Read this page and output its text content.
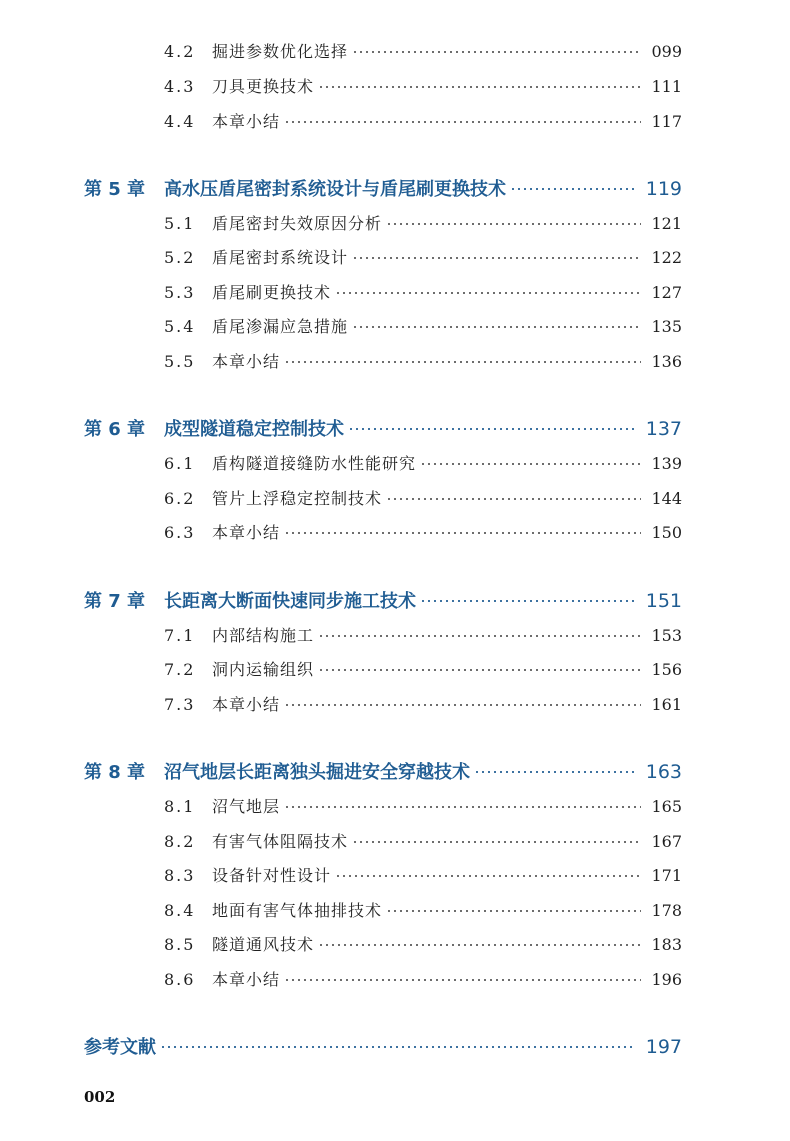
4.2	掘进参数优化选择	099
4.3	刀具更换技术	111
4.4	本章小结	117
第 5 章	高水压盾尾密封系统设计与盾尾刷更换技术	119
5.1	盾尾密封失效原因分析	121
5.2	盾尾密封系统设计	122
5.3	盾尾刷更换技术	127
5.4	盾尾渗漏应急措施	135
5.5	本章小结	136
第 6 章	成型隧道稳定控制技术	137
6.1	盾构隧道接缝防水性能研究	139
6.2	管片上浮稳定控制技术	144
6.3	本章小结	150
第 7 章	长距离大断面快速同步施工技术	151
7.1	内部结构施工	153
7.2	洞内运输组织	156
7.3	本章小结	161
第 8 章	沼气地层长距离独头掘进安全穿越技术	163
8.1	沼气地层	165
8.2	有害气体阻隔技术	167
8.3	设备针对性设计	171
8.4	地面有害气体抽排技术	178
8.5	隧道通风技术	183
8.6	本章小结	196
参考文献	197
002
